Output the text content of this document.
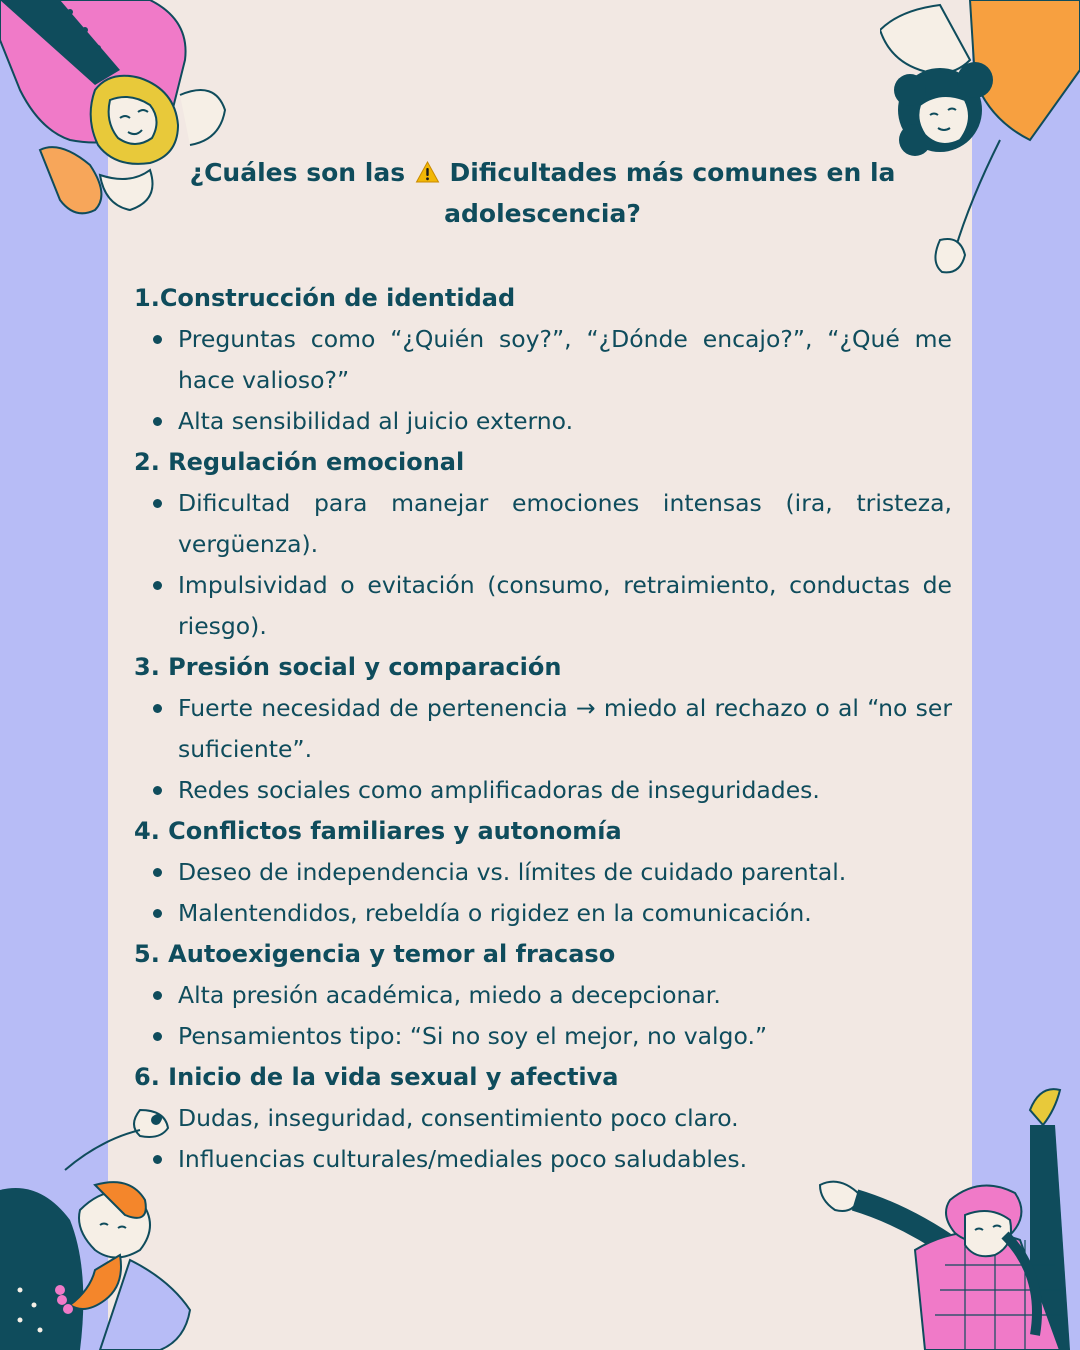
¿Cuáles son las Dificultades más comunes en la adolescencia?
1.Construcción de identidad
Preguntas como “¿Quién soy?”, “¿Dónde encajo?”, “¿Qué me hace valioso?”
Alta sensibilidad al juicio externo.
2. Regulación emocional
Dificultad para manejar emociones intensas (ira, tristeza, vergüenza).
Impulsividad o evitación (consumo, retraimiento, conductas de riesgo).
3. Presión social y comparación
Fuerte necesidad de pertenencia → miedo al rechazo o al “no ser suficiente”.
Redes sociales como amplificadoras de inseguridades.
4. Conflictos familiares y autonomía
Deseo de independencia vs. límites de cuidado parental.
Malentendidos, rebeldía o rigidez en la comunicación.
5. Autoexigencia y temor al fracaso
Alta presión académica, miedo a decepcionar.
Pensamientos tipo: “Si no soy el mejor, no valgo.”
6. Inicio de la vida sexual y afectiva
Dudas, inseguridad, consentimiento poco claro.
Influencias culturales/mediales poco saludables.
